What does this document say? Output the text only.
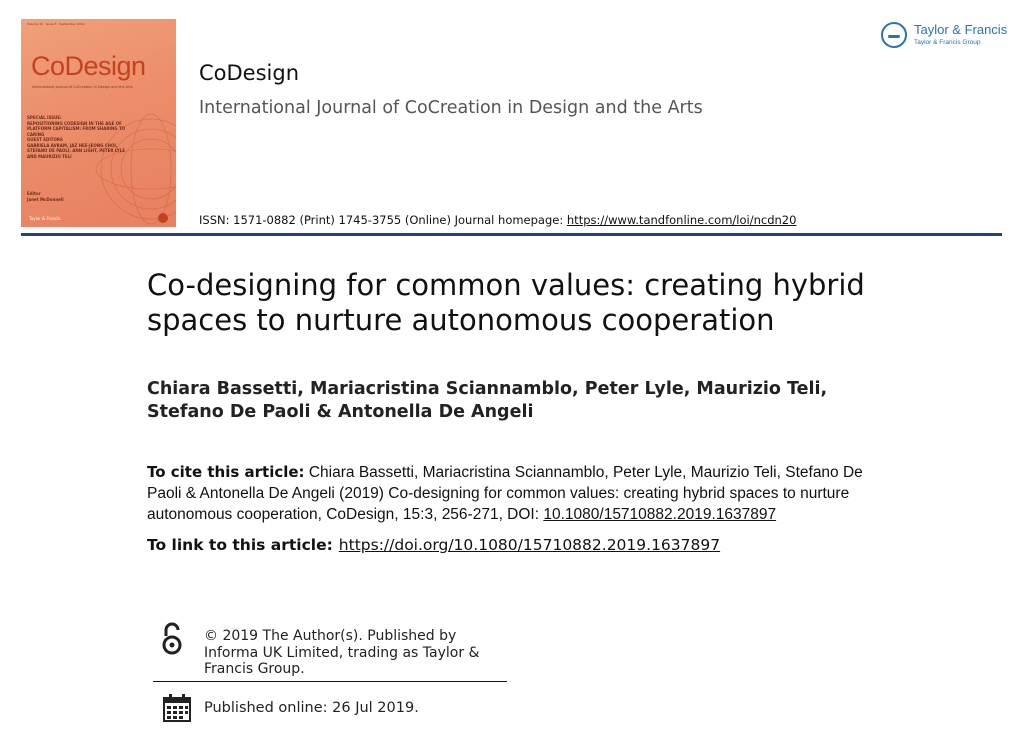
Volume 15 · Issue 3 · September 2019
CoDesign
International Journal of CoCreation in Design and the Arts
SPECIAL ISSUE:
REPOSITIONING CODESIGN IN THE AGE OF
PLATFORM CAPITALISM: FROM SHARING TO
CARING
GUEST EDITORS
GABRIELA AVRAM, JAZ HEE-JEONG CHOI,
STEFANO DE PAOLI, ANN LIGHT, PETER LYLE
AND MAURIZIO TELI
Editor
Janet McDonnell
Taylor & Francis
CoDesign
International Journal of CoCreation in Design and the Arts
ISSN: 1571-0882 (Print) 1745-3755 (Online) Journal homepage: https://www.tandfonline.com/loi/ncdn20
Taylor & Francis
Taylor & Francis Group
Co-designing for common values: creating hybrid spaces to nurture autonomous cooperation
Chiara Bassetti, Mariacristina Sciannamblo, Peter Lyle, Maurizio Teli, Stefano De Paoli & Antonella De Angeli
To cite this article: Chiara Bassetti, Mariacristina Sciannamblo, Peter Lyle, Maurizio Teli, Stefano De Paoli & Antonella De Angeli (2019) Co-designing for common values: creating hybrid spaces to nurture autonomous cooperation, CoDesign, 15:3, 256-271, DOI: 10.1080/15710882.2019.1637897
To link to this article: https://doi.org/10.1080/15710882.2019.1637897
© 2019 The Author(s). Published by Informa UK Limited, trading as Taylor & Francis Group.
Published online: 26 Jul 2019.
